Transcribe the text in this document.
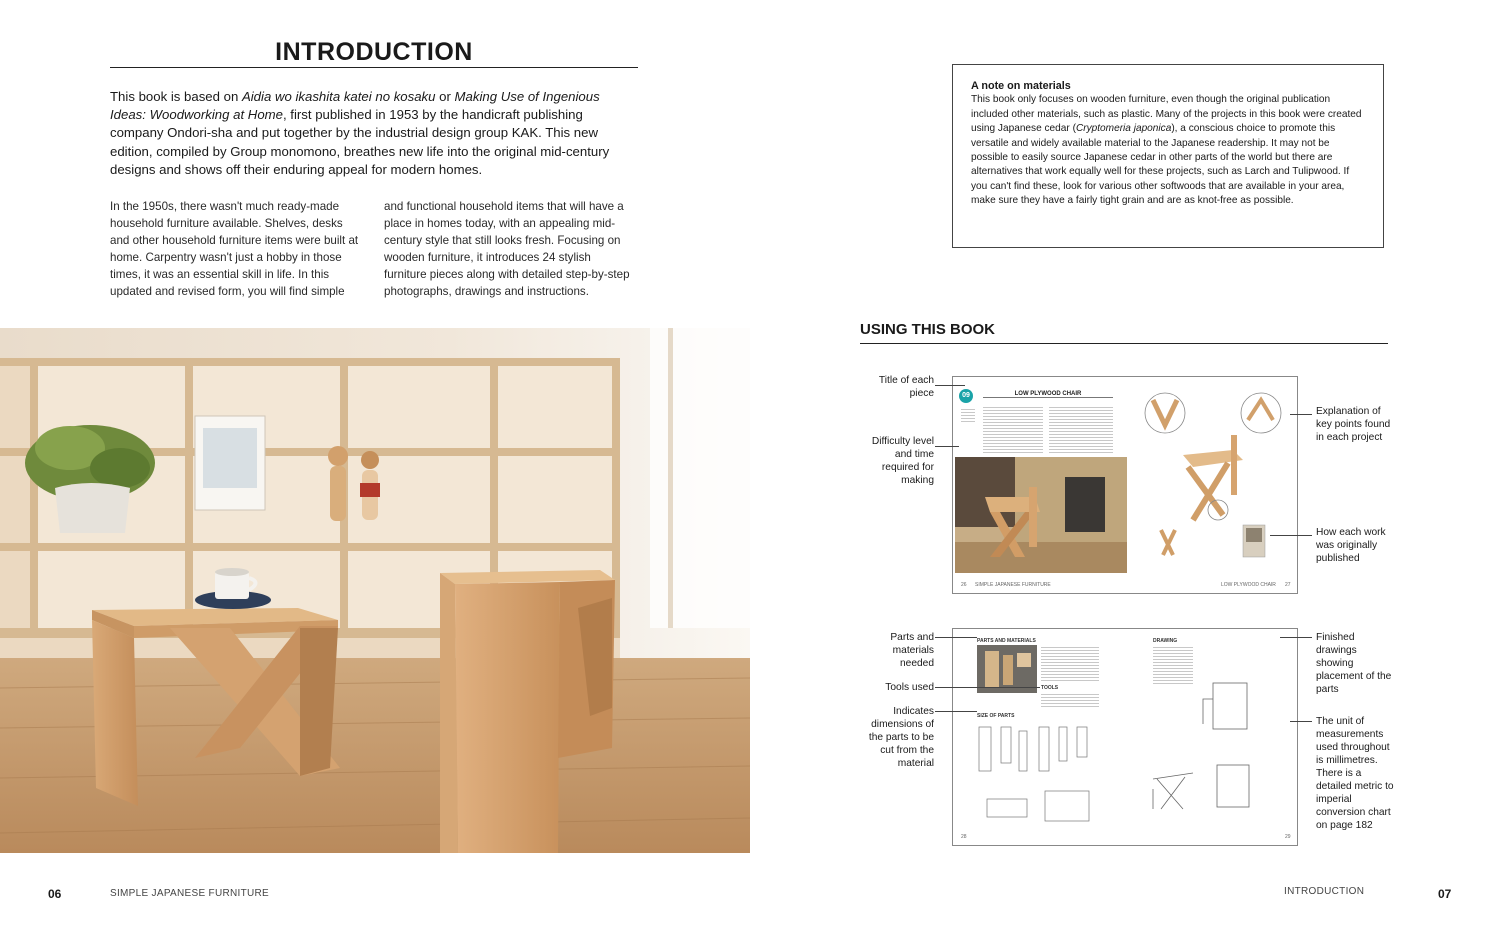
INTRODUCTION
This book is based on Aidia wo ikashita katei no kosaku or Making Use of Ingenious Ideas: Woodworking at Home, first published in 1953 by the handicraft publishing company Ondori-sha and put together by the industrial design group KAK. This new edition, compiled by Group monomono, breathes new life into the original mid-century designs and shows off their enduring appeal for modern homes.
In the 1950s, there wasn't much ready-made household furniture available. Shelves, desks and other household furniture items were built at home. Carpentry wasn't just a hobby in those times, it was an essential skill in life. In this updated and revised form, you will find simple
and functional household items that will have a place in homes today, with an appealing mid-century style that still looks fresh. Focusing on wooden furniture, it introduces 24 stylish furniture pieces along with detailed step-by-step photographs, drawings and instructions.
06	SIMPLE JAPANESE FURNITURE
A note on materials
This book only focuses on wooden furniture, even though the original publication included other materials, such as plastic. Many of the projects in this book were created using Japanese cedar (Cryptomeria japonica), a conscious choice to promote this versatile and widely available material to the Japanese readership. It may not be possible to easily source Japanese cedar in other parts of the world but there are alternatives that work equally well for these projects, such as Larch and Tulipwood. If you can't find these, look for various other softwoods that are available in your area, make sure they have a fairly tight grain and are as knot-free as possible.
USING THIS BOOK
09	LOW PLYWOOD CHAIR
26 SIMPLE JAPANESE FURNITURE	LOW PLYWOOD CHAIR 27
PARTS AND MATERIALS
TOOLS
SIZE OF PARTS
DRAWING
28	29
Title of each piece
Difficulty level and time required for making
Parts and materials needed
Tools used
Indicates dimensions of the parts to be cut from the material
Explanation of key points found in each project
How each work was originally published
Finished drawings showing placement of the parts
The unit of measurements used throughout is millimetres. There is a detailed metric to imperial conversion chart on page 182
INTRODUCTION	07
